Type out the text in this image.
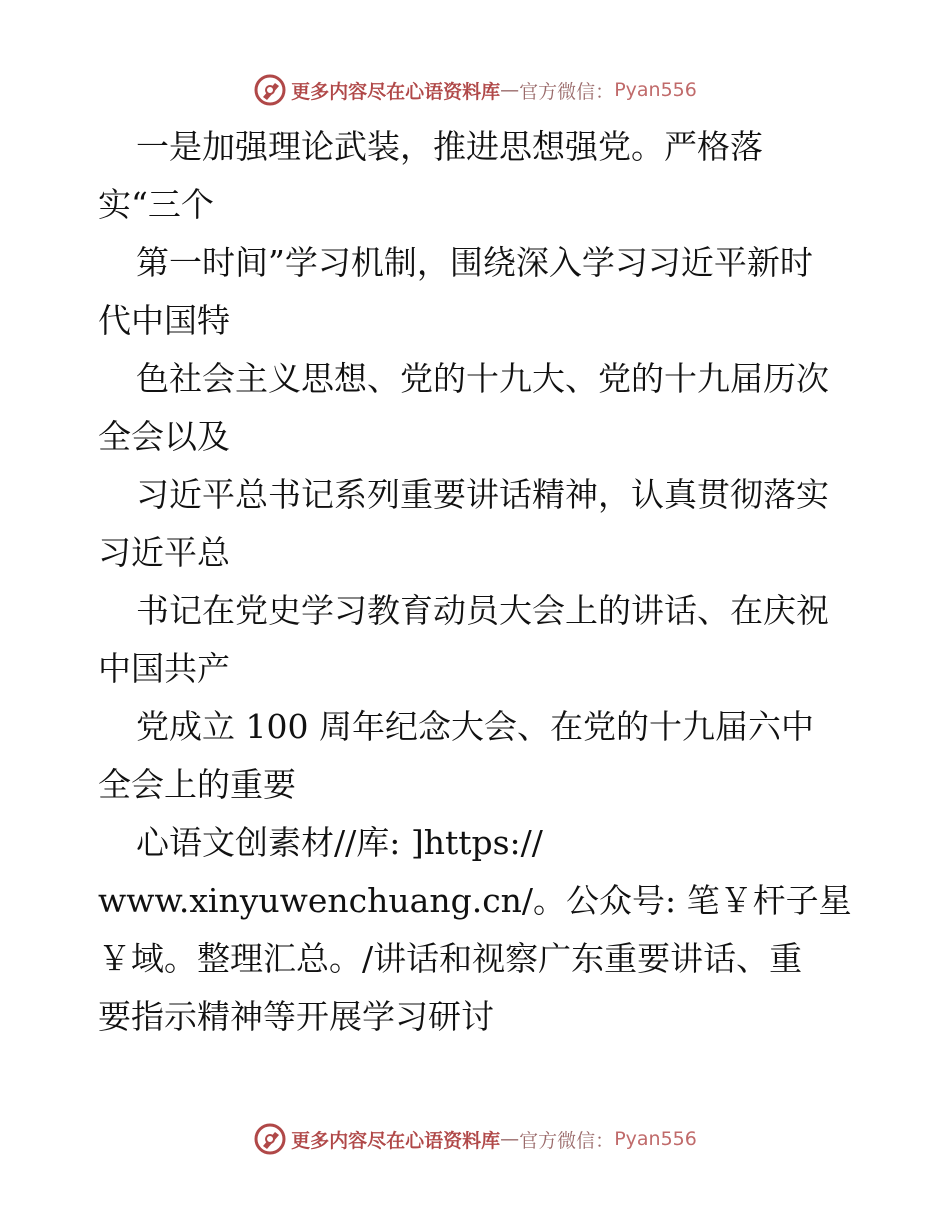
更多内容尽在心语资料库 — 官方微信： Pyan556
一是加强理论武装，推进思想强党。严格落
实“三个
第一时间”学习机制，围绕深入学习习近平新时
代中国特
色社会主义思想、党的十九大、党的十九届历次
全会以及
习近平总书记系列重要讲话精神，认真贯彻落实
习近平总
书记在党史学习教育动员大会上的讲话、在庆祝
中国共产
党成立 100 周年纪念大会、在党的十九届六中
全会上的重要
心语文创素材//库: ]https://
www.xinyuwenchuang.cn/。公众号: 笔￥杆子星
￥域。整理汇总。/讲话和视察广东重要讲话、重
要指示精神等开展学习研讨
更多内容尽在心语资料库 — 官方微信： Pyan556
